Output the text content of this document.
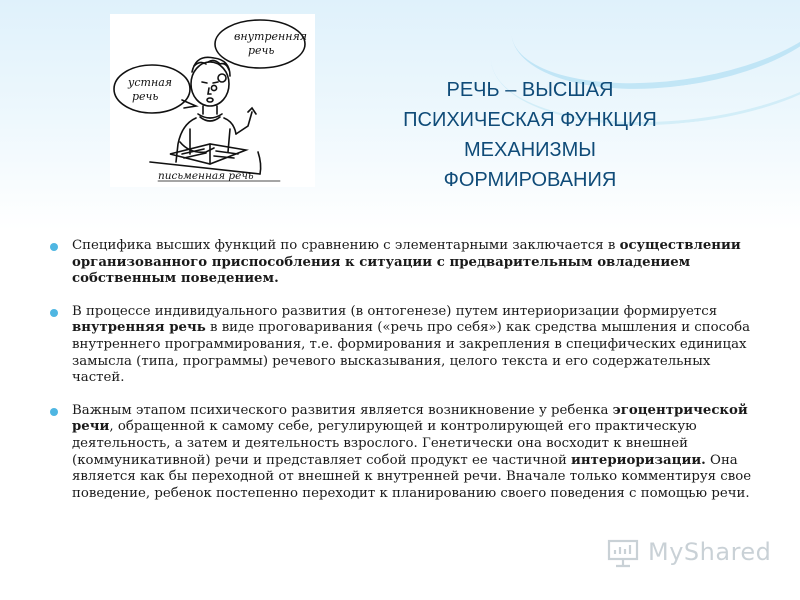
внутренняя
речь
устная
речь
письменная речь
РЕЧЬ – ВЫСШАЯ
ПСИХИЧЕСКАЯ ФУНКЦИЯ
МЕХАНИЗМЫ
ФОРМИРОВАНИЯ
Специфика высших функций по сравнению с элементарными заключается в осуществлении организованного приспособления к ситуации с предварительным овладением собственным поведением.
В процессе индивидуального развития (в онтогенезе) путем интериоризации формируется внутренняя речь в виде проговаривания («речь про себя») как средства мышления и способа внутреннего программирования, т.е. формирования и закрепления в специфических единицах замысла (типа, программы) речевого высказывания, целого текста и его содержательных частей.
Важным этапом психического развития является возникновение у ребенка эгоцентрической речи, обращенной к самому себе, регулирующей и контролирующей его практическую деятельность, а затем и деятельность взрослого. Генетически она восходит к внешней (коммуникативной) речи и представляет собой продукт ее частичной интериоризации. Она является как бы переходной от внешней к внутренней речи. Вначале только комментируя свое поведение, ребенок постепенно переходит к планированию своего поведения с помощью речи.
MyShared
